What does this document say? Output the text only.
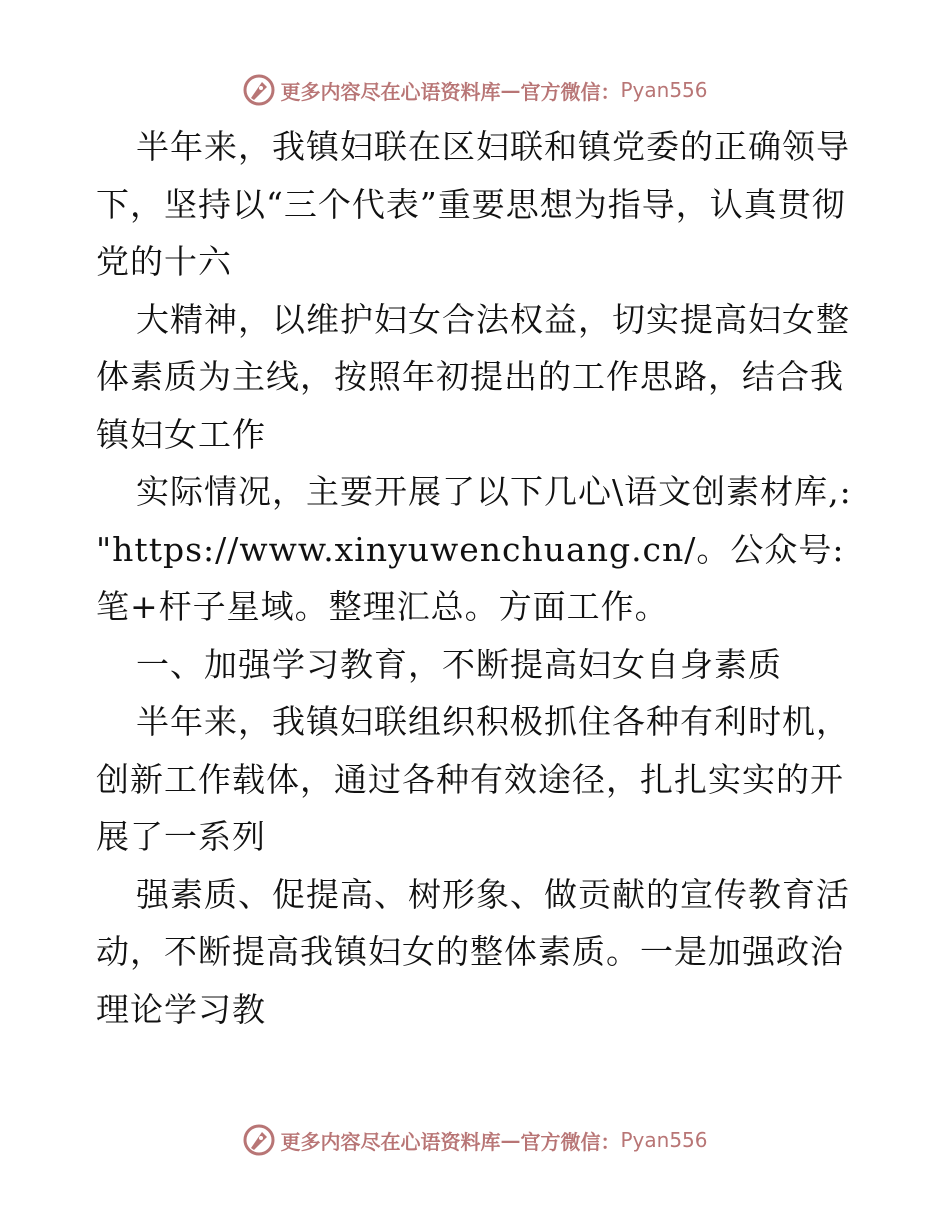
更多内容尽在心语资料库 — 官方微信： Pyan556

半年来，我镇妇联在区妇联和镇党委的正确领导下，坚持以“三个代表”重要思想为指导，认真贯彻党的十六

大精神，以维护妇女合法权益，切实提高妇女整体素质为主线，按照年初提出的工作思路，结合我镇妇女工作

实际情况，主要开展了以下几心\语文创素材库,: "https://www.xinyuwenchuang.cn/。公众号: 笔+杆子星域。整理汇总。方面工作。

一、加强学习教育，不断提高妇女自身素质

半年来，我镇妇联组织积极抓住各种有利时机，创新工作载体，通过各种有效途径，扎扎实实的开展了一系列

强素质、促提高、树形象、做贡献的宣传教育活动，不断提高我镇妇女的整体素质。一是加强政治理论学习教

更多内容尽在心语资料库 — 官方微信： Pyan556
